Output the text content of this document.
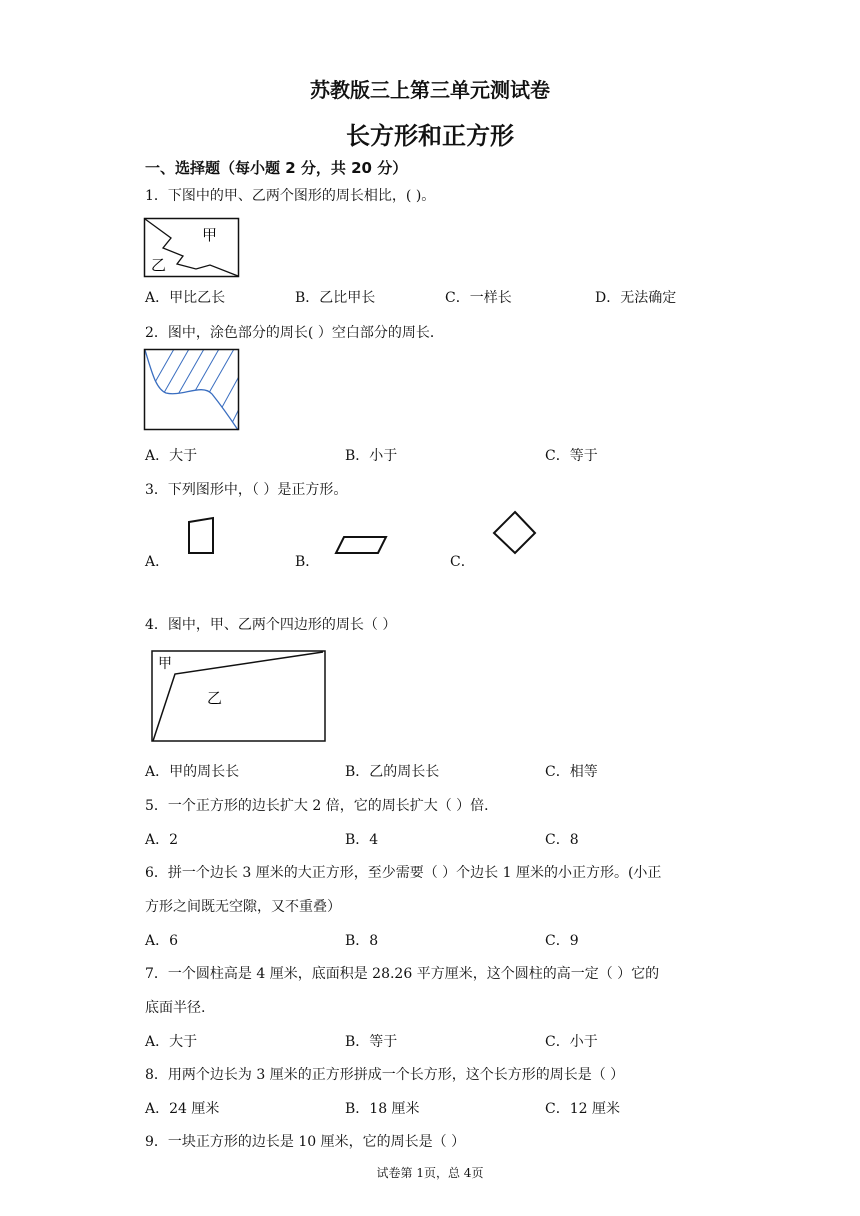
苏教版三上第三单元测试卷
长方形和正方形
一、选择题（每小题 2 分，共 20 分）
1．下图中的甲、乙两个图形的周长相比，( )。
甲
乙
A．甲比乙长	B．乙比甲长	C．一样长	D．无法确定
2．图中，涂色部分的周长( ）空白部分的周长．
A．大于	B．小于	C．等于
3．下列图形中，（ ）是正方形。
A．	B．	C．
4．图中，甲、乙两个四边形的周长（ ）
甲
乙
A．甲的周长长	B．乙的周长长	C．相等
5．一个正方形的边长扩大 2 倍，它的周长扩大（ ）倍．
A．2	B．4	C．8
6．拼一个边长 3 厘米的大正方形，至少需要（ ）个边长 1 厘米的小正方形。(小正
方形之间既无空隙，又不重叠）
A．6	B．8	C．9
7．一个圆柱高是 4 厘米，底面积是 28.26 平方厘米，这个圆柱的高一定（ ）它的
底面半径.
A．大于	B．等于	C．小于
8．用两个边长为 3 厘米的正方形拼成一个长方形，这个长方形的周长是（ ）
A．24 厘米	B．18 厘米	C．12 厘米
9．一块正方形的边长是 10 厘米，它的周长是（ ）
试卷第 1页，总 4页
